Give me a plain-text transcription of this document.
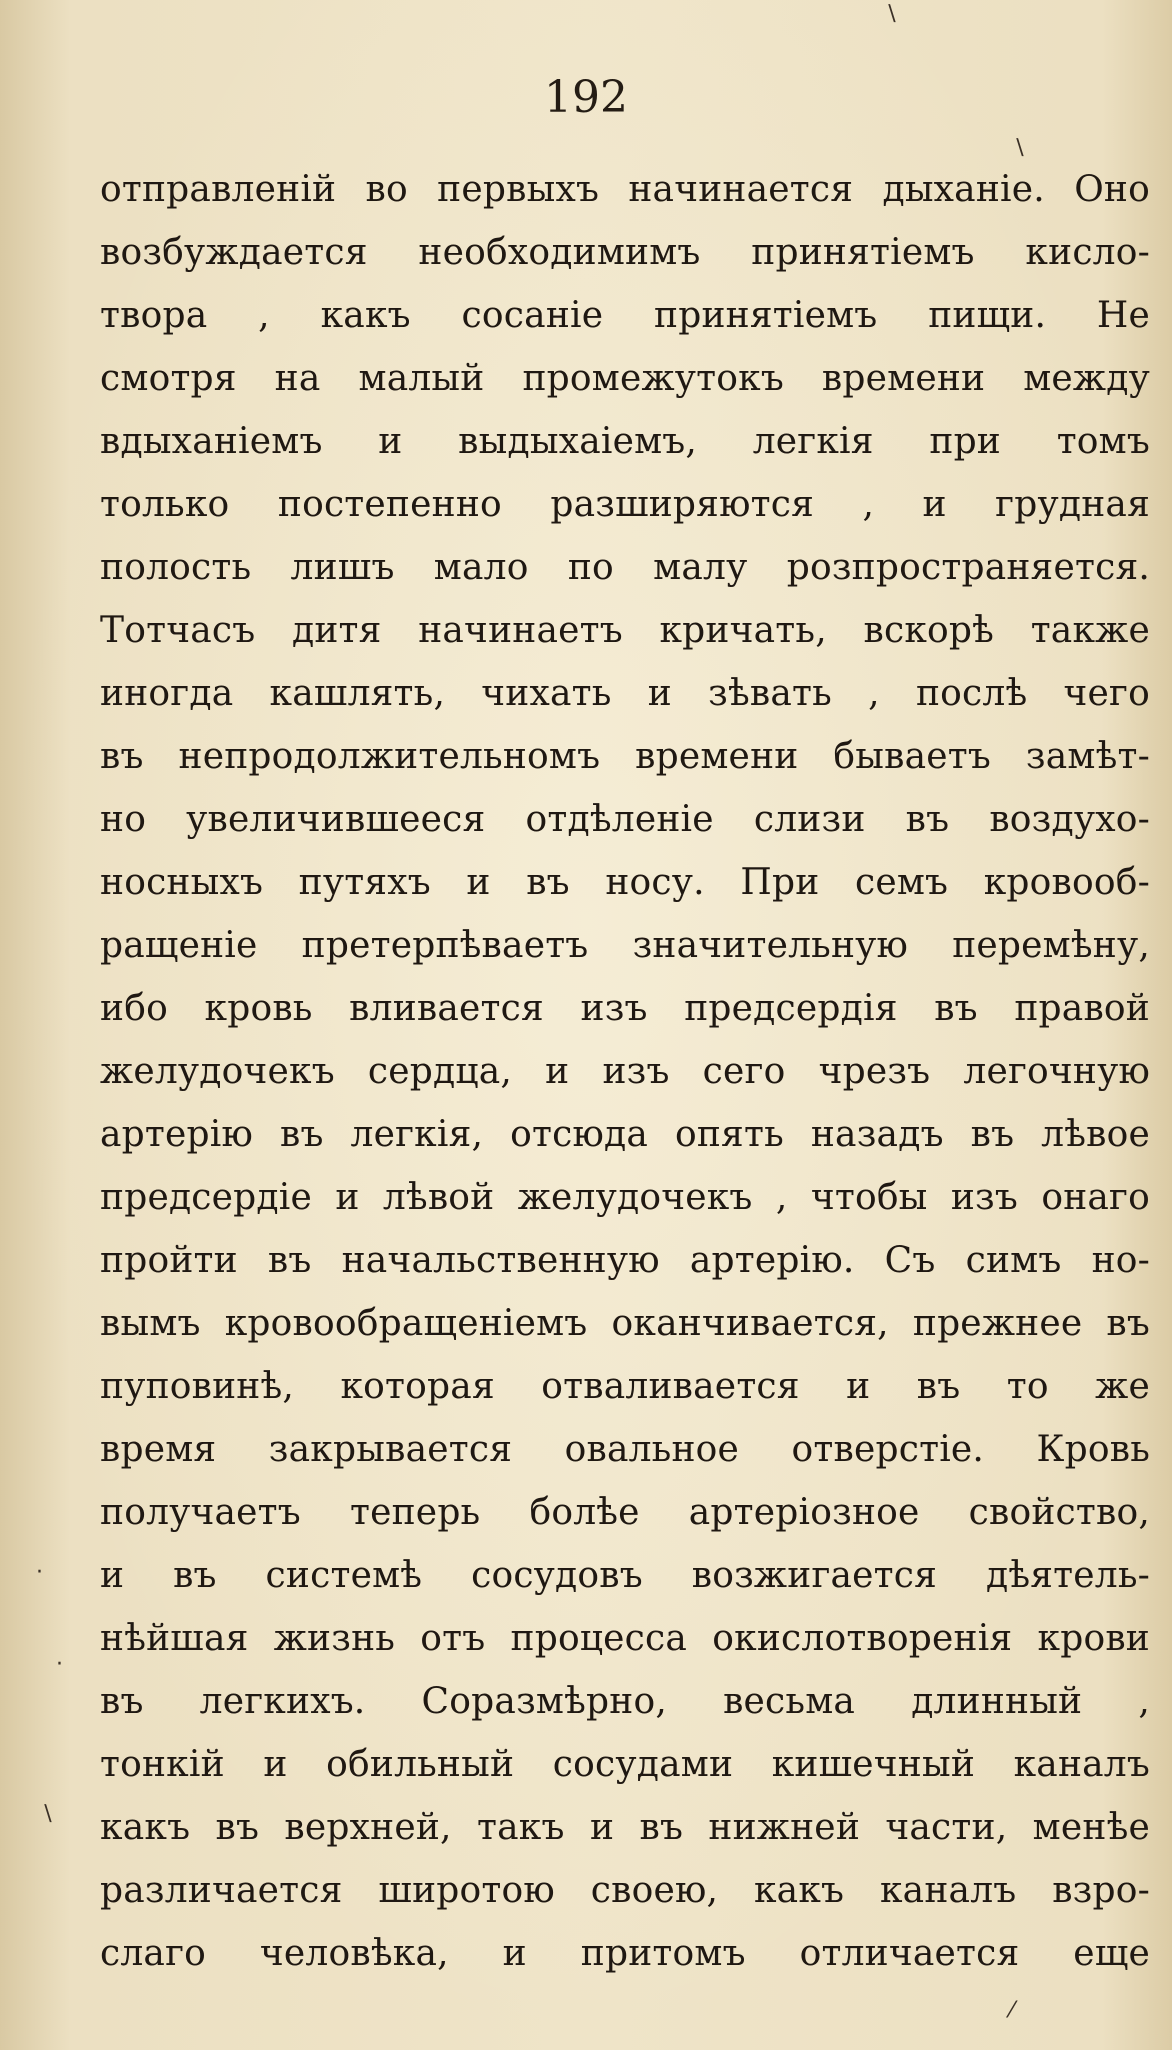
192
отправленій во первыхъ начинается дыханіе. Оно
возбуждается необходимимъ принятіемъ кисло-
твора , какъ сосаніе принятіемъ пищи. Не
смотря на малый промежутокъ времени между
вдыханіемъ и выдыхаіемъ, легкія при томъ
только постепенно разширяются , и грудная
полость лишъ мало по малу розпространяется.
Тотчасъ дитя начинаетъ кричать, вскорѣ также
иногда кашлять, чихать и зѣвать , послѣ чего
въ непродолжительномъ времени бываетъ замѣт-
но увеличившееся отдѣленіе слизи въ воздухо-
носныхъ путяхъ и въ носу. При семъ кровооб-
ращеніе претерпѣваетъ значительную перемѣну,
ибо кровь вливается изъ предсердія въ правой
желудочекъ сердца, и изъ сего чрезъ легочную
артерію въ легкія, отсюда опять назадъ въ лѣвое
предсердіе и лѣвой желудочекъ , чтобы изъ онаго
пройти въ начальственную артерію. Съ симъ но-
вымъ кровообращеніемъ оканчивается, прежнее въ
пуповинѣ, которая отваливается и въ то же
время закрывается овальное отверстіе. Кровь
получаетъ теперь болѣе артеріозное свойство,
и въ системѣ сосудовъ возжигается дѣятель-
нѣйшая жизнь отъ процесса окислотворенія крови
въ легкихъ. Соразмѣрно, весьма длинный ,
тонкій и обильный сосудами кишечный каналъ
какъ въ верхней, такъ и въ нижней части, менѣе
различается широтою своею, какъ каналъ взро-
слаго человѣка, и притомъ отличается еще
∖
∖
·
·
∖
⁄
